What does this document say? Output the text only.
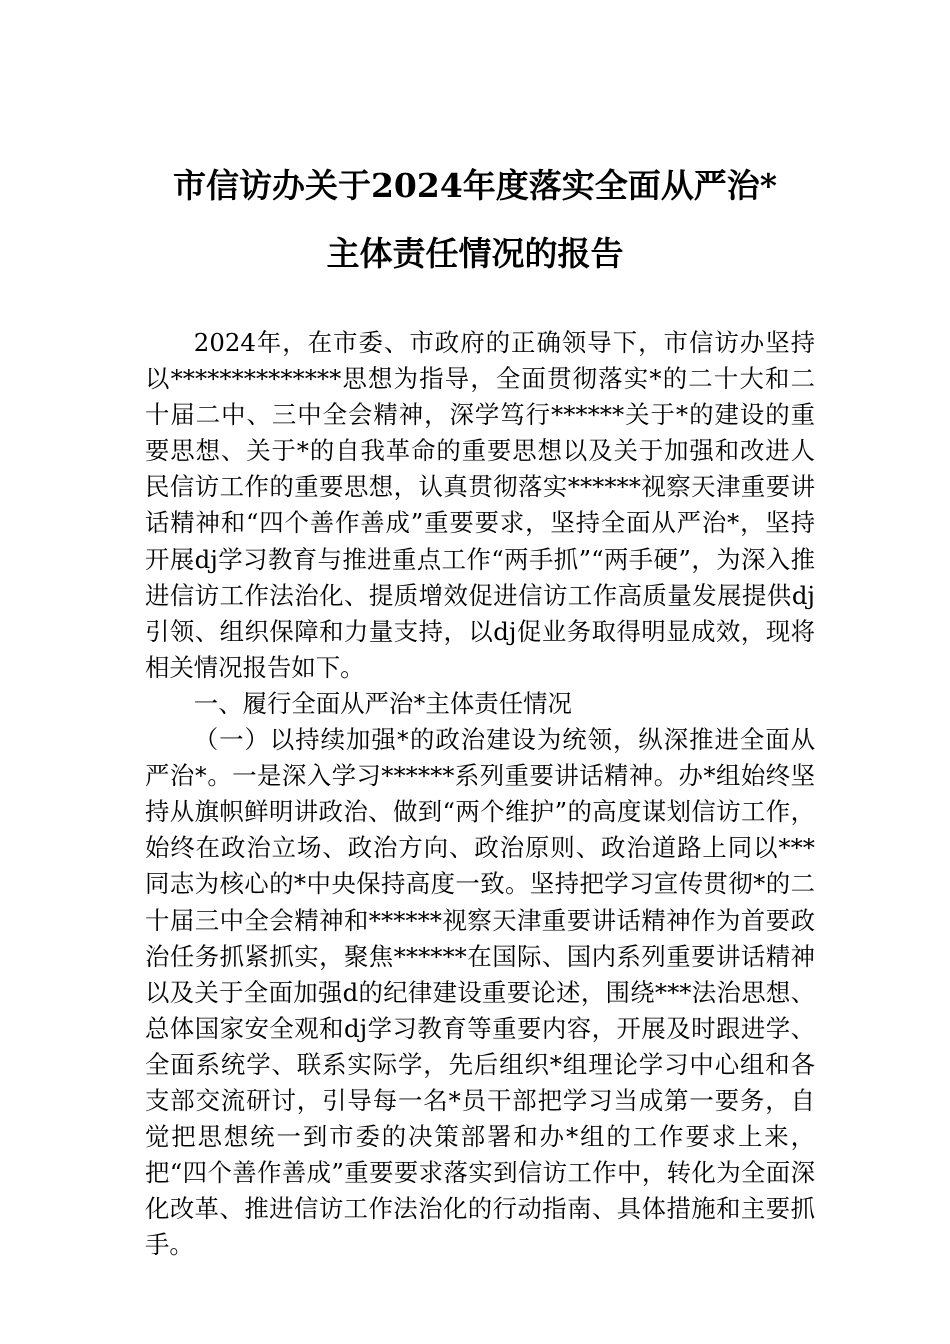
市信访办关于2024年度落实全面从严治*
主体责任情况的报告

2024年，在市委、市政府的正确领导下，市信访办坚持以**************思想为指导，全面贯彻落实*的二十大和二十届二中、三中全会精神，深学笃行******关于*的建设的重要思想、关于*的自我革命的重要思想以及关于加强和改进人民信访工作的重要思想，认真贯彻落实******视察天津重要讲话精神和“四个善作善成”重要要求，坚持全面从严治*，坚持开展dj学习教育与推进重点工作“两手抓”“两手硬”，为深入推进信访工作法治化、提质增效促进信访工作高质量发展提供dj引领、组织保障和力量支持，以dj促业务取得明显成效，现将相关情况报告如下。

一、履行全面从严治*主体责任情况

（一）以持续加强*的政治建设为统领，纵深推进全面从严治*。一是深入学习******系列重要讲话精神。办*组始终坚持从旗帜鲜明讲政治、做到“两个维护”的高度谋划信访工作，始终在政治立场、政治方向、政治原则、政治道路上同以***同志为核心的*中央保持高度一致。坚持把学习宣传贯彻*的二十届三中全会精神和******视察天津重要讲话精神作为首要政治任务抓紧抓实，聚焦******在国际、国内系列重要讲话精神以及关于全面加强d的纪律建设重要论述，围绕***法治思想、总体国家安全观和dj学习教育等重要内容，开展及时跟进学、全面系统学、联系实际学，先后组织*组理论学习中心组和各支部交流研讨，引导每一名*员干部把学习当成第一要务，自觉把思想统一到市委的决策部署和办*组的工作要求上来，把“四个善作善成”重要要求落实到信访工作中，转化为全面深化改革、推进信访工作法治化的行动指南、具体措施和主要抓手。
